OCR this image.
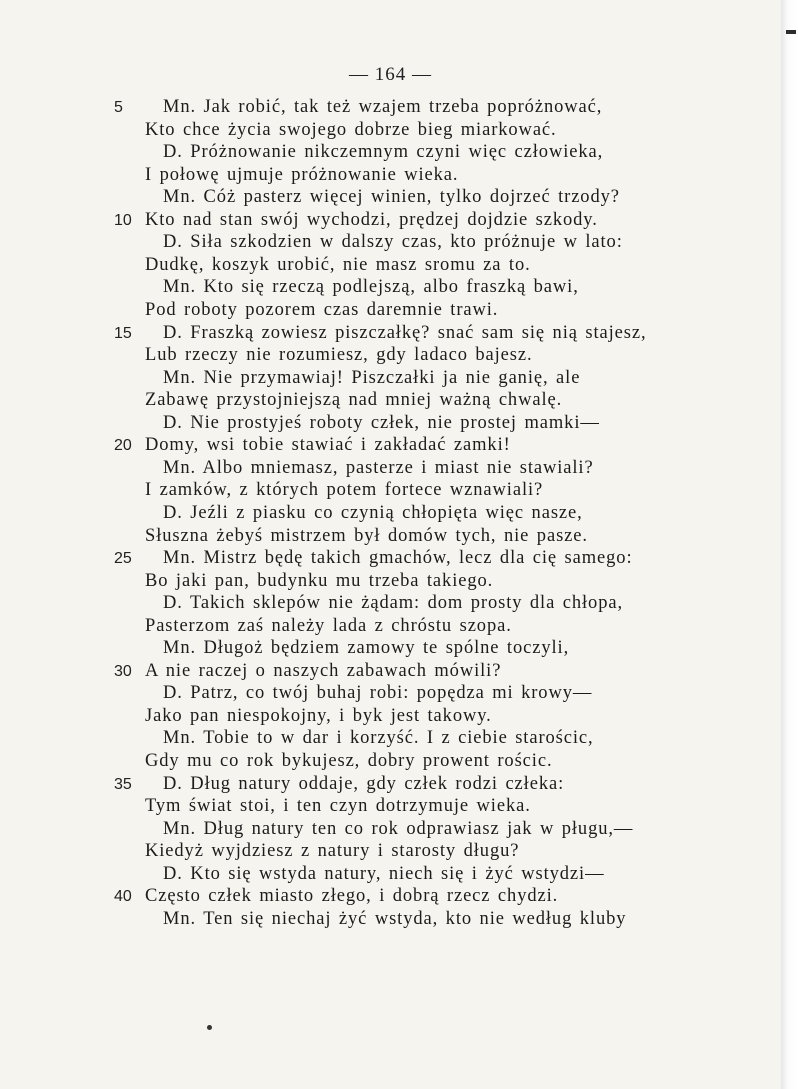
— 164 —
5	Mn. Jak robić, tak też wzajem trzeba popróżnować,
Kto chce życia swojego dobrze bieg miarkować.
D. Próżnowanie nikczemnym czyni więc człowieka,
I połowę ujmuje próżnowanie wieka.
Mn. Cóż pasterz więcej winien, tylko dojrzeć trzody?
10 Kto nad stan swój wychodzi, prędzej dojdzie szkody.
D. Siła szkodzien w dalszy czas, kto próżnuje w lato:
Dudkę, koszyk urobić, nie masz sromu za to.
Mn. Kto się rzeczą podlejszą, albo fraszką bawi,
Pod roboty pozorem czas daremnie trawi.
15	D. Fraszką zowiesz piszczałkę? snać sam się nią stajesz,
Lub rzeczy nie rozumiesz, gdy ladaco bajesz.
Mn. Nie przymawiaj! Piszczałki ja nie ganię, ale
Zabawę przystojniejszą nad mniej ważną chwalę.
D. Nie prostyjeś roboty człek, nie prostej mamki—
20 Domy, wsi tobie stawiać i zakładać zamki!
Mn. Albo mniemasz, pasterze i miast nie stawiali?
I zamków, z których potem fortece wznawiali?
D. Jeźli z piasku co czynią chłopięta więc nasze,
Słuszna żebyś mistrzem był domów tych, nie pasze.
25	Mn. Mistrz będę takich gmachów, lecz dla cię samego:
Bo jaki pan, budynku mu trzeba takiego.
D. Takich sklepów nie żądam: dom prosty dla chłopa,
Pasterzom zaś należy lada z chróstu szopa.
Mn. Długoż będziem zamowy te spólne toczyli,
30 A nie raczej o naszych zabawach mówili?
D. Patrz, co twój buhaj robi: popędza mi krowy—
Jako pan niespokojny, i byk jest takowy.
Mn. Tobie to w dar i korzyść. I z ciebie starościc,
Gdy mu co rok bykujesz, dobry prowent rościc.
35	D. Dług natury oddaje, gdy człek rodzi człeka:
Tym świat stoi, i ten czyn dotrzymuje wieka.
Mn. Dług natury ten co rok odprawiasz jak w pługu,—
Kiedyż wyjdziesz z natury i starosty długu?
D. Kto się wstyda natury, niech się i żyć wstydzi—
40 Często człek miasto złego, i dobrą rzecz chydzi.
Mn. Ten się niechaj żyć wstyda, kto nie według kluby
